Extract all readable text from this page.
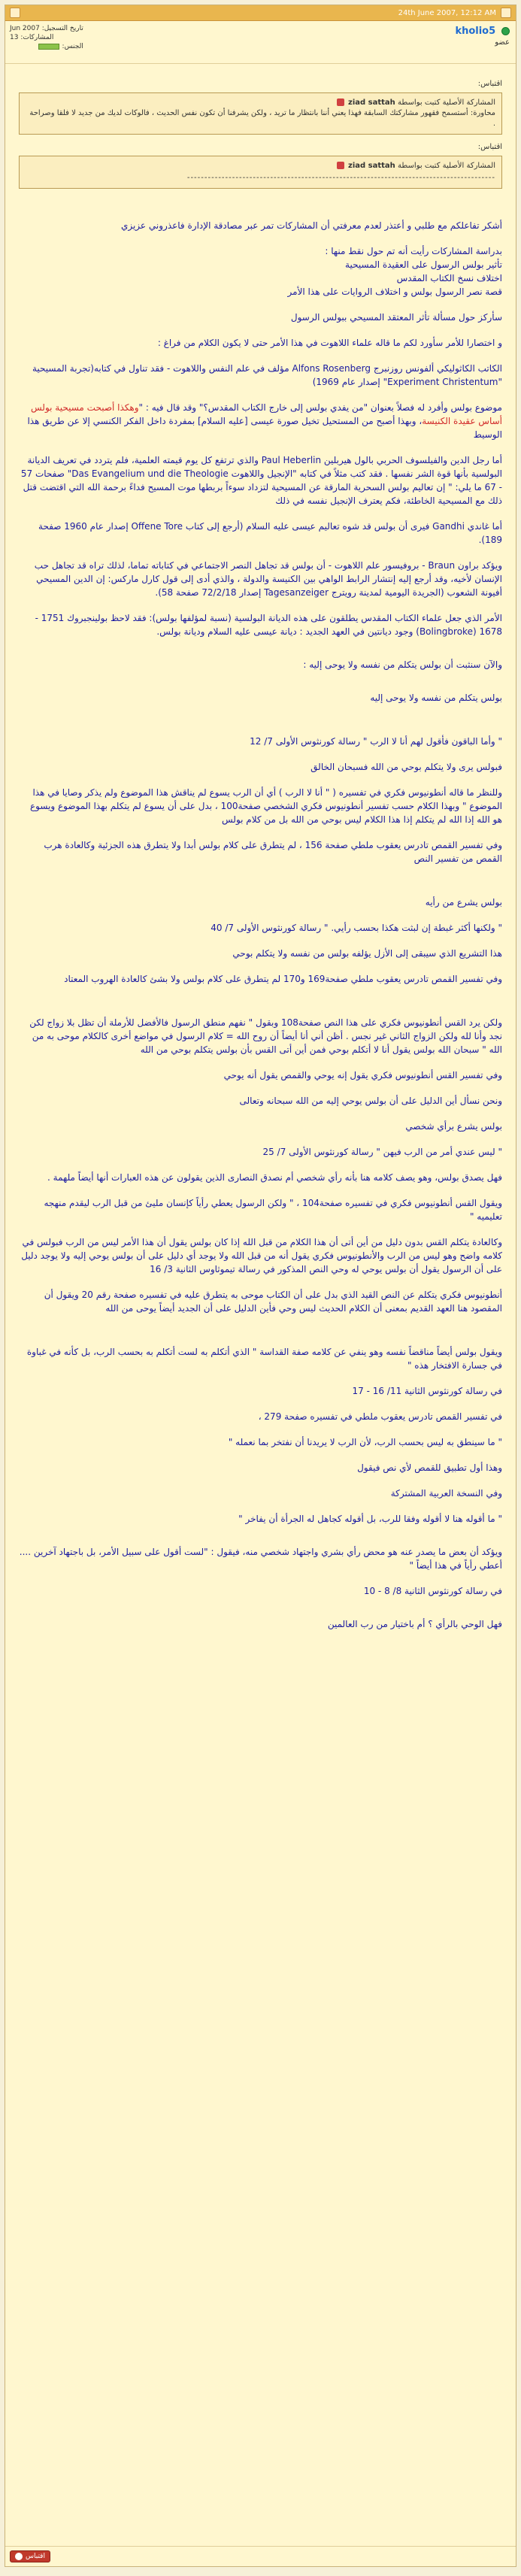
24th June 2007, 12:12 AM
kholio5
عضو
تاريخ التسجيل: Jun 2007
المشاركات: 13
الجنس:
اقتباس:
المشاركة الأصلية كتبت بواسطة ziad sattah
محاورة: أستسمح فقهور مشاركتك السابقة فهذا يعني أننا بانتظار ما تريد ، ولكن يشرفنا أن تكون نفس الحديث ، فالوكات لديك من جديد لا فلقا وصراحة .
اقتباس:
المشاركة الأصلية كتبت بواسطة ziad sattah
-----------------------------------------------------------------------------------------
أشكر تفاعلكم مع طلبي و أعتذر لعدم معرفتي أن المشاركات تمر عبر مصادقة الإدارة فاعذروني عزيزي
بدراسة المشاركات رأيت أنه تم حول نقط منها :
تأثير بولس الرسول على العقيدة المسيحية
اختلاف نسخ الكتاب المقدس
قصة نصر الرسول بولس و اختلاف الروايات على هذا الأمر
سأركز حول مسألة تأثر المعتقد المسيحي ببولس الرسول
و اختصارا للأمر سأورد لكم ما قاله علماء اللاهوت في هذا الأمر حتى لا يكون الكلام من فراغ :
الكاتب الكاثوليكي ألفونس روزنبرج Alfons Rosenberg مؤلف في علم النفس واللاهوت - فقد تناول في كتابه(تجربة المسيحية "Experiment Christentum" إصدار عام 1969)
موضوع بولس وأفرد له فصلاً بعنوان "من يفدي بولس إلى خارج الكتاب المقدس؟" وقد قال فيه : "وهكذا أصبحت مسيحية بولس أساس عقيدة الكنيسة، وبهذا أصبح من المستحيل تخيل صورة عيسى [عليه السلام] بمفردة داخل الفكر الكنسي إلا عن طريق هذا الوسيط
أما رجل الدين والفيلسوف الحربي بالول هيربلين Paul Heberlin والذي ترتفع كل يوم قيمته العلمية، فلم يتردد في تعريف الديانة البولسية بأنها قوة الشر نفسها . فقد كتب مثلاً في كتابه "الإنجيل واللاهوت Das Evangelium und die Theologie" صفحات 57 - 67 ما يلي: " إن تعاليم بولس السحرية المارقة عن المسيحية لتزداد سوءاً بربطها موت المسيح فداءً برحمة الله التي اقتضت قتل ذلك مع المسيحية الخاطئة، فكم يعترف الإنجيل نفسه في ذلك
أما غاندي Gandhi فيرى أن بولس قد شوه تعاليم عيسى عليه السلام (أرجع إلى كتاب Offene Tore إصدار عام 1960 صفحة 189).
ويؤكد براون Braun - بروفيسور علم اللاهوت - أن بولس قد تجاهل النصر الاجتماعي في كتاباته تماما، لذلك تراه قد تجاهل حب الإنسان لأخيه، وقد أرجع إليه إنتشار الرابط الواهي بين الكنيسة والدولة ، والذي أدى إلى قول كارل ماركس: إن الدين المسيحي أفيونة الشعوب (الجريدة اليومية لمدينة رويترج Tagesanzeiger إصدار 72/2/18 صفحة 58).
الأمر الذي جعل علماء الكتاب المقدس يطلقون على هذه الديانة البولسية (نسبة لمؤلفها بولس): فقد لاحظ بولينجبروك 1751 - 1678 (Bolingbroke) وجود ديانتين في العهد الجديد : ديانة عيسى عليه السلام وديانة بولس.
والآن سنثبت أن بولس يتكلم من نفسه ولا يوحى إليه :
بولس يتكلم من نفسه ولا يوحى إليه
" وأما الباقون فأقول لهم أنا لا الرب " رسالة كورنثوس الأولى 7/ 12
فبولس يرى ولا يتكلم بوحي من الله فسبحان الخالق
وللنظر ما قاله أنطونيوس فكري في تفسيره ( " أنا لا الرب ) أي أن الرب يسوع لم يناقش هذا الموضوع ولم يذكر وصايا في هذا الموضوع " وبهذا الكلام حسب تفسير أنطونيوس فكري الشخصي صفحة100 ، بدل على أن يسوع لم يتكلم بهذا الموضوع ويسوع هو الله إذا الله لم يتكلم إذا هذا الكلام ليس بوحي من الله بل من كلام بولس
وفي تفسير القمص تادرس يعقوب ملطي صفحة 156 ، لم يتطرق على كلام بولس أبدا ولا يتطرق هذه الجزئية وكالعادة هرب القمص من تفسير النص
بولس يشرع من رأيه
" ولكنها أكثر غبطة إن لبثت هكذا بحسب رأيي. " رسالة كورنثوس الأولى 7/ 40
هذا التشريع الذي سيبقى إلى الأزل يؤلفه بولس من نفسه ولا يتكلم بوحي
وفي تفسير القمص تادرس يعقوب ملطي صفحة169 و170 لم يتطرق على كلام بولس ولا بشئ كالعادة الهروب المعتاد
ولكن يرد القس أنطونيوس فكري على هذا النص صفحة108 وبقول " نفهم منطق الرسول فالأفضل للأرملة أن تظل بلا زواج لكن نجد وأنا لله ولكن الزواج الثاني غير نجس . أظن أني أنا أيضاً أن روح الله = كلام الرسول في مواضع أخرى كالكلام موحى به من الله " سبحان الله بولس يقول أنا لا أتكلم بوحي فمن أين أتى القس بأن بولس يتكلم بوحي من الله
وفي تفسير القس أنطونيوس فكري يقول إنه يوحي والقمص يقول أنه يوحي
ونحن نسأل أين الدليل على أن بولس يوحي إليه من الله سبحانه وتعالى
بولس يشرع برأي شخصي
" ليس عندي أمر من الرب فيهن " رسالة كورنثوس الأولى 7/ 25
فهل يصدق بولس، وهو يصف كلامه هنا بأنه رأي شخصي أم نصدق النصارى الذين يقولون عن هذه العبارات أنها أيضاً ملهمة .
ويقول القس أنطونيوس فكري في تفسيره صفحة104 ، " ولكن الرسول يعطي رأياً كإنسان مليئ من قبل الرب ليقدم منهجه تعليميه "
وكالعادة يتكلم القس بدون دليل من أين أتى أن هذا الكلام من قبل الله إذا كان بولس يقول أن هذا الأمر ليس من الرب فبولس في كلامه واضح وهو ليس من الرب والأنطونيوس فكري يقول أنه من قبل الله ولا يوجد أي دليل على أن بولس يوحي إليه ولا يوجد دليل على أن الرسول يقول أن بولس يوحي له وحي النص المذكور في رسالة تيموثاوس الثانية 3/ 16
أنطونيوس فكري يتكلم عن النص القيد الذي بدل على أن الكتاب موحى به يتطرق عليه في تفسيره صفحة رقم 20 ويقول أن المقصود هنا العهد القديم بمعنى أن الكلام الحديث ليس وحي فأين الدليل على أن الجديد أيضاً يوحى من الله
ويقول بولس أيضاً مناقضاً نفسه وهو ينفي عن كلامه صفة القداسة " الذي أتكلم به لست أتكلم به بحسب الرب، بل كأنه في غباوة في جسارة الافتخار هذه "
في رسالة كورنثوس الثانية 11/ 16 - 17
في تفسير القمص تادرس يعقوب ملطي في تفسيره صفحة 279 ،
" ما سينطق به ليس بحسب الرب، لأن الرب لا يريدنا أن نفتخر بما نعمله "
وهذا أول تطبيق للقمص لأي نص فيقول
وفي النسخة العربية المشتركة
" ما أقوله هنا لا أقوله وفقا للرب، بل أقوله كجاهل له الجرأة أن يفاخر "
ويؤكد أن بعض ما يصدر عنه هو محض رأي بشري واجتهاد شخصي منه، فيقول : "لست أقول على سبيل الأمر، بل باجتهاد آخرين .... أعطي رأياً في هذا أيضاً "
في رسالة كورنثوس الثانية 8/ 8 - 10
فهل الوحي بالرأي ؟ أم باختيار من رب العالمين
اقتباس
